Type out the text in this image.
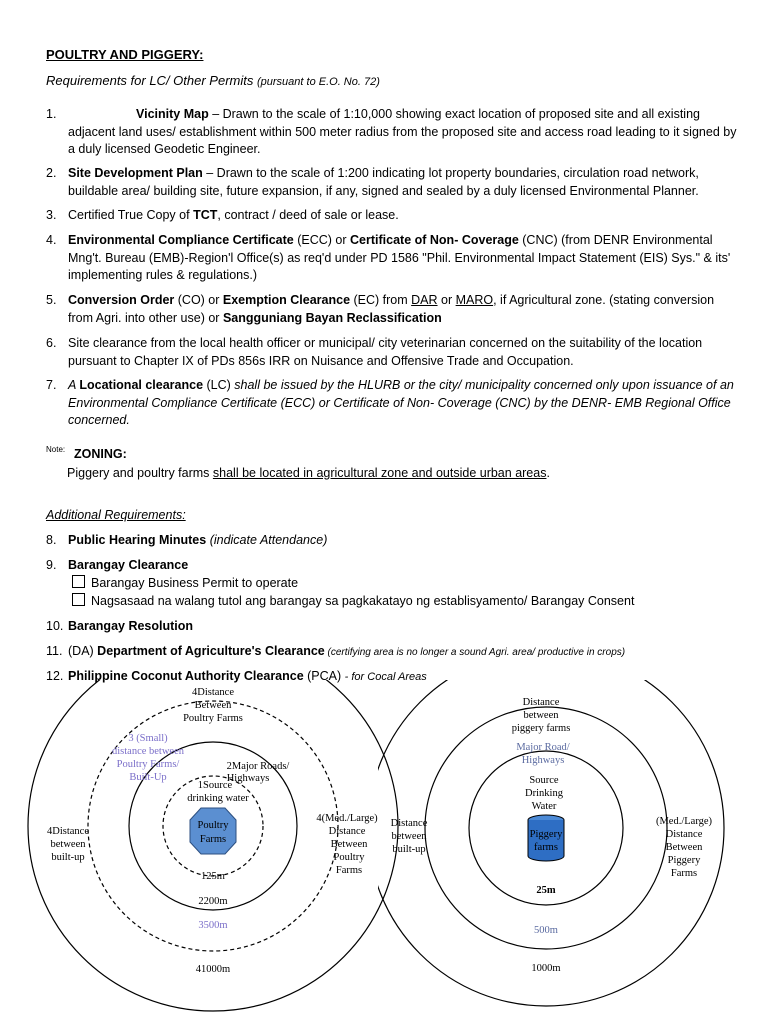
POULTRY AND PIGGERY:
Requirements for LC/ Other Permits (pursuant to E.O. No. 72)
1.	Vicinity Map – Drawn to the scale of 1:10,000 showing exact location of proposed site and all existing adjacent land uses/ establishment within 500 meter radius from the proposed site and access road leading to it signed by a duly licensed Geodetic Engineer.
2. Site Development Plan – Drawn to the scale of 1:200 indicating lot property boundaries, circulation road network, buildable area/ building site, future expansion, if any, signed and sealed by a duly licensed Environmental Planner.
3. Certified True Copy of TCT, contract / deed of sale or lease.
4. Environmental Compliance Certificate (ECC) or Certificate of Non- Coverage (CNC) (from DENR Environmental Mng't. Bureau (EMB)-Region'l Office(s) as req'd under PD 1586 "Phil. Environmental Impact Statement (EIS) Sys." & its' implementing rules & regulations.)
5. Conversion Order (CO) or Exemption Clearance (EC) from DAR or MARO, if Agricultural zone. (stating conversion from Agri. into other use) or Sangguniang Bayan Reclassification
6. Site clearance from the local health officer or municipal/ city veterinarian concerned on the suitability of the location pursuant to Chapter IX of PDs 856s IRR on Nuisance and Offensive Trade and Occupation.
7. A Locational clearance (LC) shall be issued by the HLURB or the city/ municipality concerned only upon issuance of an Environmental Compliance Certificate (ECC) or Certificate of Non- Coverage (CNC) by the DENR- EMB Regional Office concerned.
Note: ZONING:
Piggery and poultry farms shall be located in agricultural zone and outside urban areas.
Additional Requirements:
8. Public Hearing Minutes (indicate Attendance)
9. Barangay Clearance
Barangay Business Permit to operate
Nagsasaad na walang tutol ang barangay sa pagkakatayo ng establisyamento/ Barangay Consent
10. Barangay Resolution
11. (DA) Department of Agriculture's Clearance (certifying area is no longer a sound Agri. area/ productive in crops)
12. Philippine Coconut Authority Clearance (PCA) - for Cocal Areas
Poultry
Farms
4Distance
Between
Poultry Farms
3 (Small)
distance between
Poultry Farms/
Built-Up
2Major Roads/
Highways
1Source
drinking water
4Distance
between
built-up
4(Med./Large)
Distance
Between
Poultry
Farms
125m
2200m
3500m
41000m
Piggery
farms
Distance
between
piggery farms
Major Road/
Highways
Source
Drinking
Water
Distance
between
built-up
(Med./Large)
Distance
Between
Piggery
Farms
25m
500m
1000m
